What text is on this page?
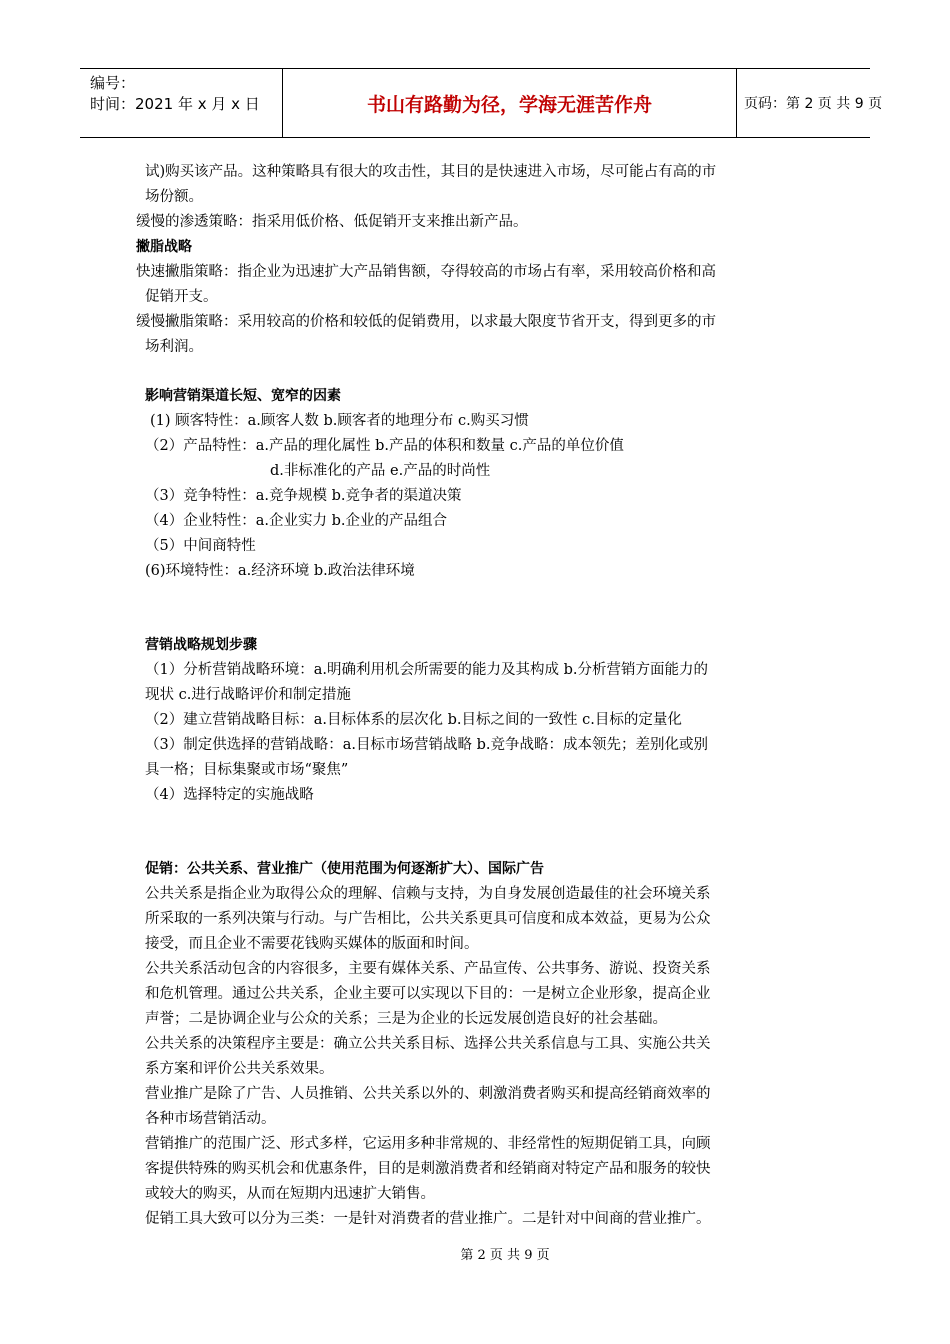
编号：
时间：2021 年 x 月 x 日	书山有路勤为径，学海无涯苦作舟	页码：第 2 页 共 9 页
试)购买该产品。这种策略具有很大的攻击性，其目的是快速进入市场，尽可能占有高的市
场份额。
缓慢的渗透策略：指采用低价格、低促销开支来推出新产品。
撇脂战略
快速撇脂策略：指企业为迅速扩大产品销售额，夺得较高的市场占有率，采用较高价格和高
促销开支。
缓慢撇脂策略：采用较高的价格和较低的促销费用，以求最大限度节省开支，得到更多的市
场利润。
影响营销渠道长短、宽窄的因素
(1) 顾客特性：a.顾客人数 b.顾客者的地理分布 c.购买习惯
（2）产品特性：a.产品的理化属性 b.产品的体积和数量 c.产品的单位价值
d.非标准化的产品 e.产品的时尚性
（3）竞争特性：a.竞争规模 b.竞争者的渠道决策
（4）企业特性：a.企业实力 b.企业的产品组合
（5）中间商特性
(6)环境特性：a.经济环境 b.政治法律环境
营销战略规划步骤
（1）分析营销战略环境：a.明确利用机会所需要的能力及其构成 b.分析营销方面能力的
现状 c.进行战略评价和制定措施
（2）建立营销战略目标：a.目标体系的层次化 b.目标之间的一致性 c.目标的定量化
（3）制定供选择的营销战略：a.目标市场营销战略 b.竞争战略：成本领先；差别化或别
具一格；目标集聚或市场“聚焦”
（4）选择特定的实施战略
促销：公共关系、营业推广（使用范围为何逐渐扩大）、国际广告
公共关系是指企业为取得公众的理解、信赖与支持，为自身发展创造最佳的社会环境关系
所采取的一系列决策与行动。与广告相比，公共关系更具可信度和成本效益，更易为公众
接受，而且企业不需要花钱购买媒体的版面和时间。
公共关系活动包含的内容很多，主要有媒体关系、产品宣传、公共事务、游说、投资关系
和危机管理。通过公共关系，企业主要可以实现以下目的：一是树立企业形象，提高企业
声誉；二是协调企业与公众的关系；三是为企业的长远发展创造良好的社会基础。
公共关系的决策程序主要是：确立公共关系目标、选择公共关系信息与工具、实施公共关
系方案和评价公共关系效果。
营业推广是除了广告、人员推销、公共关系以外的、刺激消费者购买和提高经销商效率的
各种市场营销活动。
营销推广的范围广泛、形式多样，它运用多种非常规的、非经常性的短期促销工具，向顾
客提供特殊的购买机会和优惠条件，目的是刺激消费者和经销商对特定产品和服务的较快
或较大的购买，从而在短期内迅速扩大销售。
促销工具大致可以分为三类：一是针对消费者的营业推广。二是针对中间商的营业推广。
第 2 页 共 9 页
